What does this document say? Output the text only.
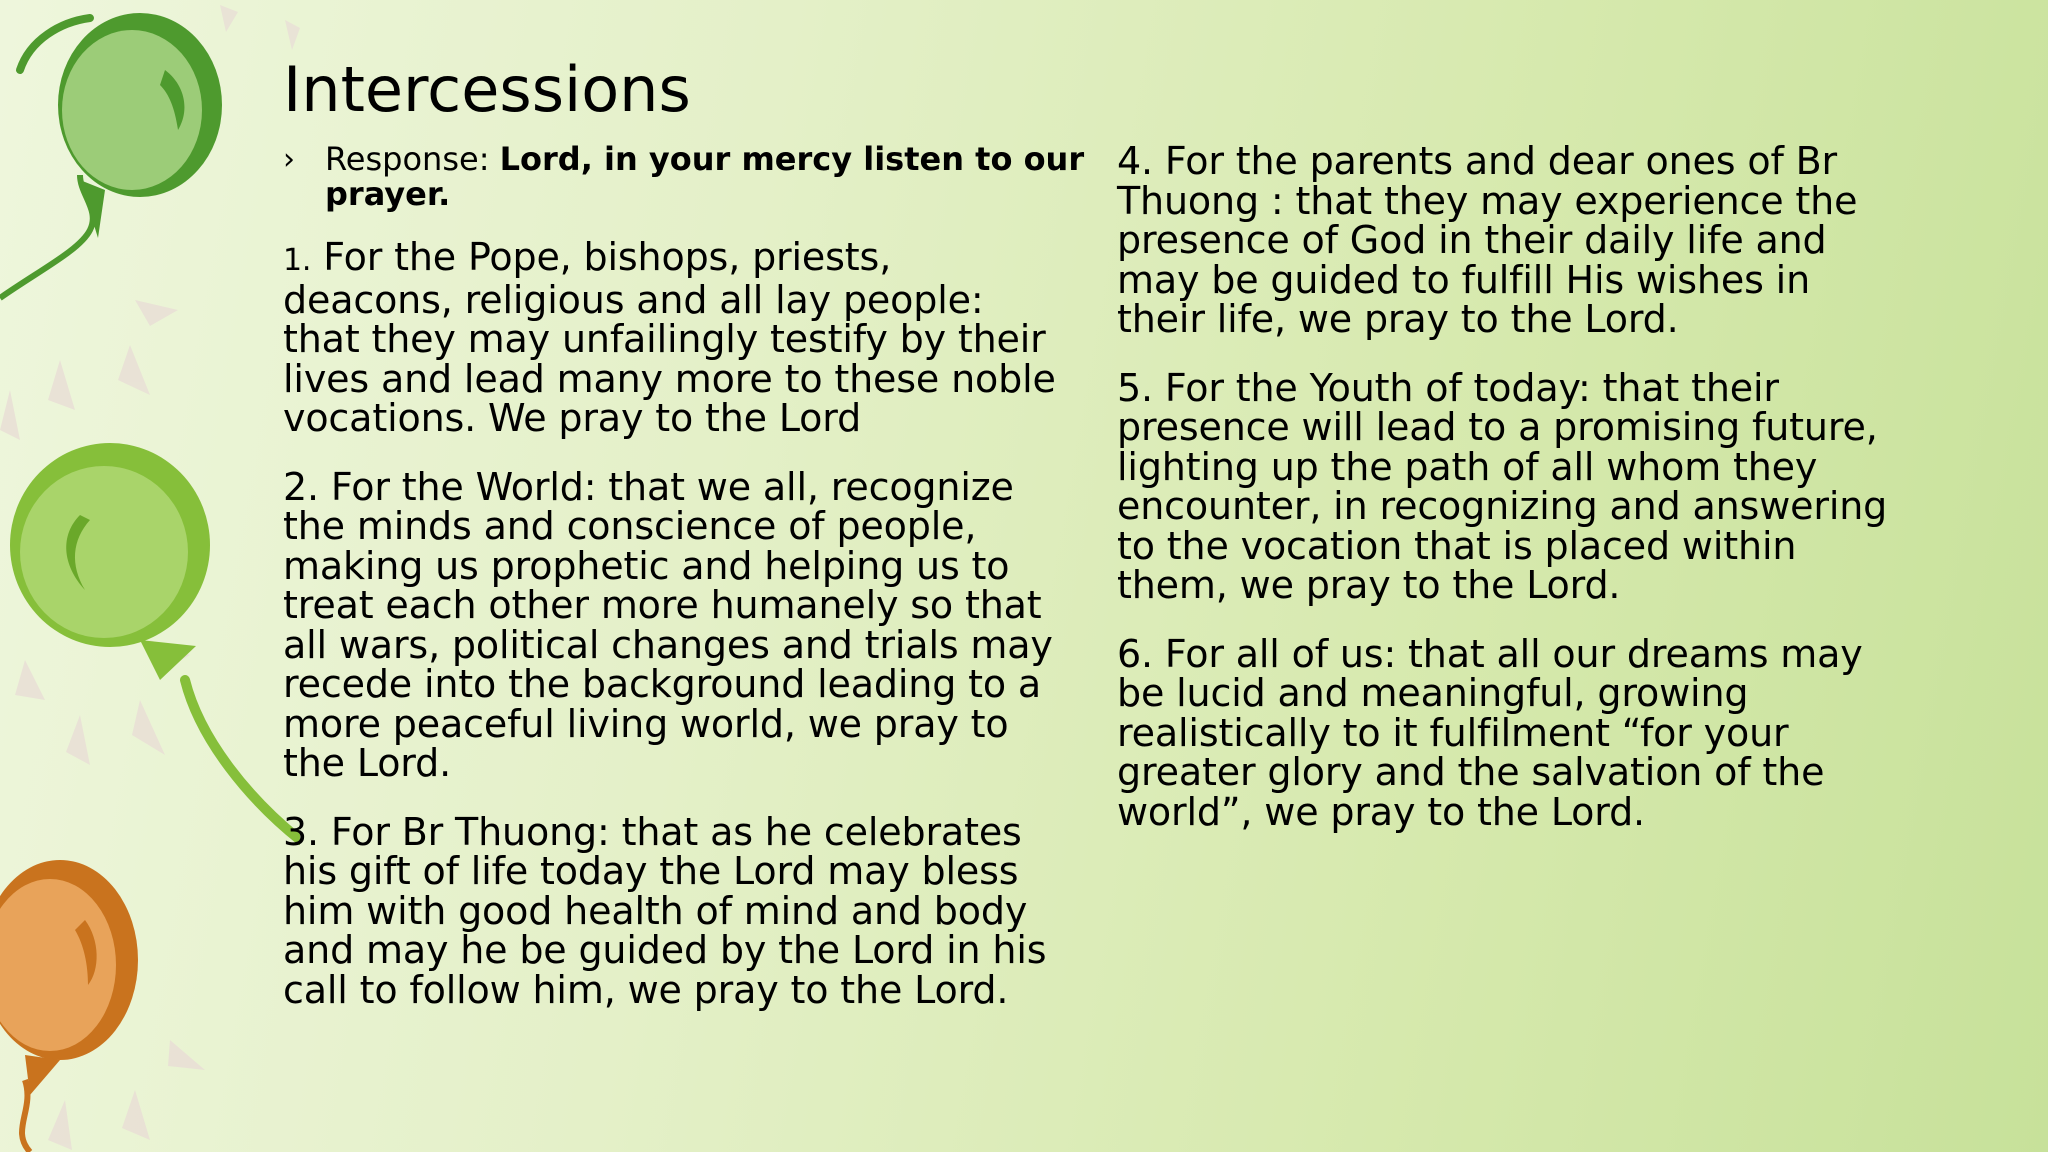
Intercessions
› Response: Lord, in your mercy listen to our
prayer.
1. For the Pope, bishops, priests,
deacons, religious and all lay people:
that they may unfailingly testify by their
lives and lead many more to these noble
vocations. We pray to the Lord
2. For the World: that we all, recognize
the minds and conscience of people,
making us prophetic and helping us to
treat each other more humanely so that
all wars, political changes and trials may
recede into the background leading to a
more peaceful living world, we pray to
the Lord.
3. For Br Thuong: that as he celebrates
his gift of life today the Lord may bless
him with good health of mind and body
and may he be guided by the Lord in his
call to follow him, we pray to the Lord.
4. For the parents and dear ones of Br
Thuong : that they may experience the
presence of God in their daily life and
may be guided to fulfill His wishes in
their life, we pray to the Lord.
5. For the Youth of today: that their
presence will lead to a promising future,
lighting up the path of all whom they
encounter, in recognizing and answering
to the vocation that is placed within
them, we pray to the Lord.
6. For all of us: that all our dreams may
be lucid and meaningful, growing
realistically to it fulfilment “for your
greater glory and the salvation of the
world”, we pray to the Lord.
